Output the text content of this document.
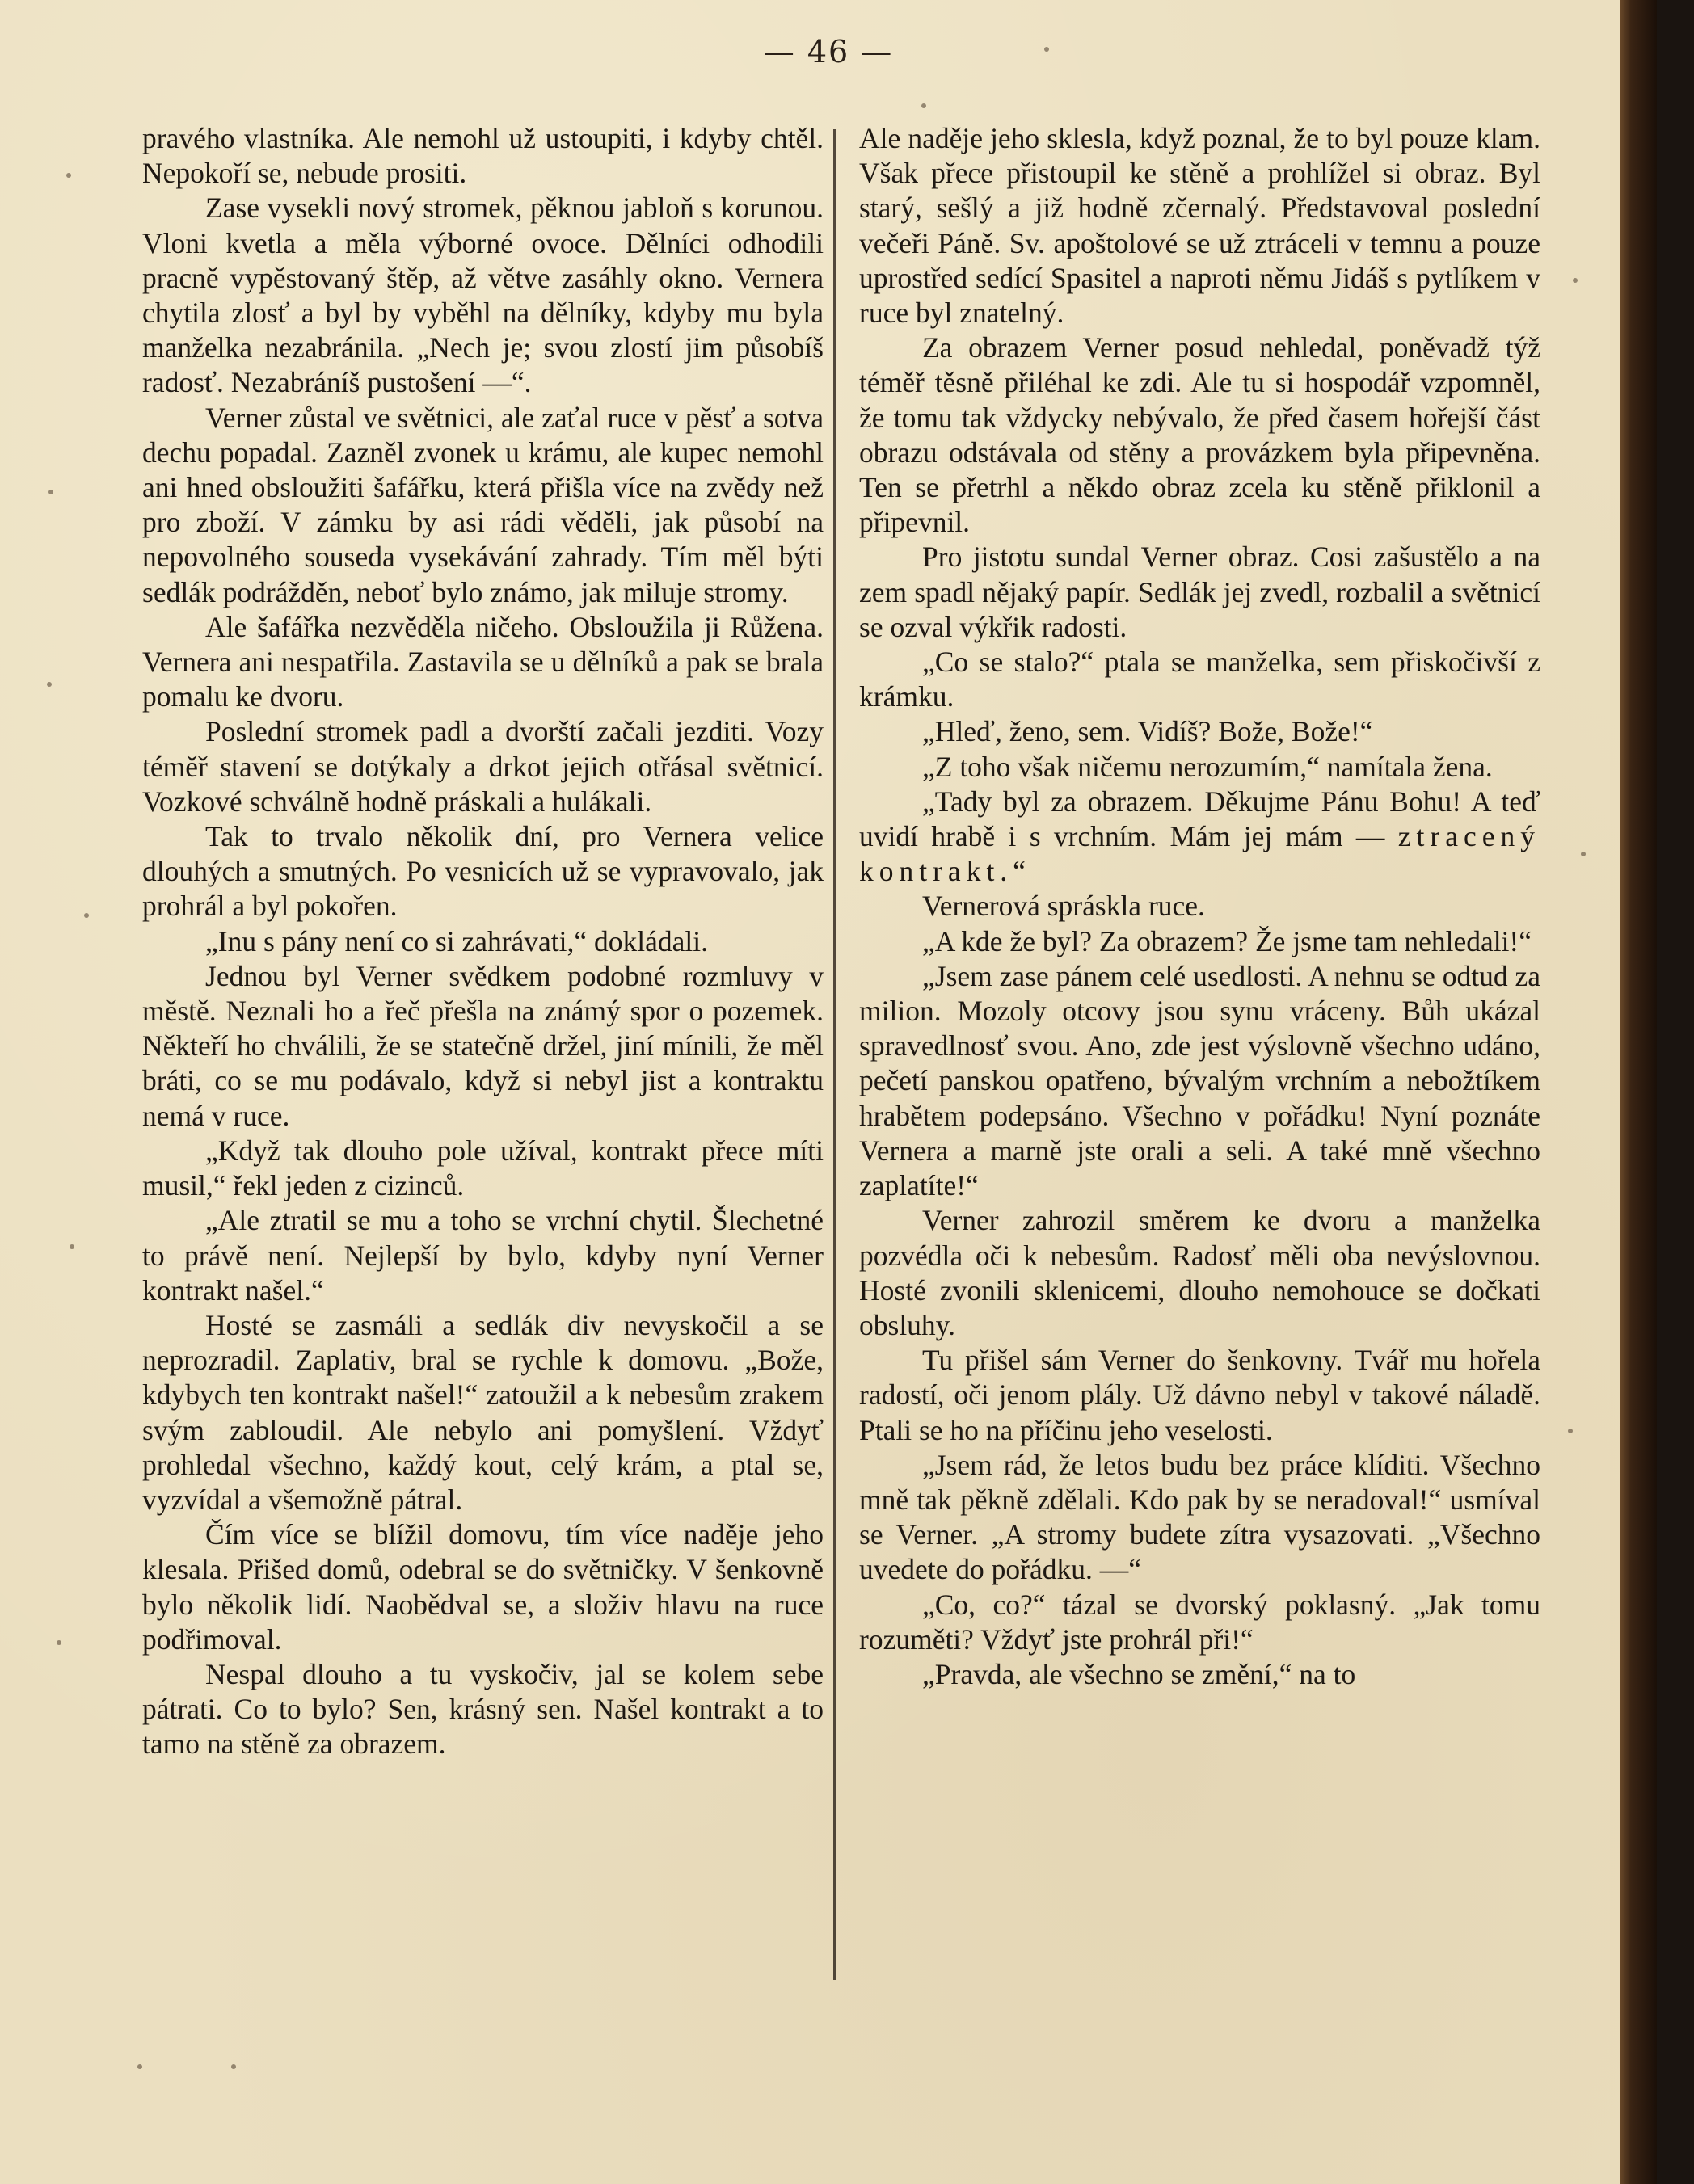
— 46 —

pravého vlastníka. Ale nemohl už ustoupiti, i kdyby chtěl. Nepokoří se, nebude prositi.

Zase vysekli nový stromek, pěknou jabloň s korunou. Vloni kvetla a měla výborné ovoce. Dělníci odhodili pracně vypěstovaný štěp, až větve zasáhly okno. Vernera chytila zlosť a byl by vyběhl na dělníky, kdyby mu byla manželka nezabránila. „Nech je; svou zlostí jim působíš radosť. Nezabráníš pustošení —“.

Verner zůstal ve světnici, ale zaťal ruce v pěsť a sotva dechu popadal. Zazněl zvonek u krámu, ale kupec nemohl ani hned obsloužiti šafářku, která přišla více na zvědy než pro zboží. V zámku by asi rádi věděli, jak působí na nepovolného souseda vysekávání zahrady. Tím měl býti sedlák podrážděn, neboť bylo známo, jak miluje stromy.

Ale šafářka nezvěděla ničeho. Obsloužila ji Růžena. Vernera ani nespatřila. Zastavila se u dělníků a pak se brala pomalu ke dvoru.

Poslední stromek padl a dvorští začali jezditi. Vozy téměř stavení se dotýkaly a drkot jejich otřásal světnicí. Vozkové schválně hodně práskali a hulákali.

Tak to trvalo několik dní, pro Vernera velice dlouhých a smutných. Po vesnicích už se vypravovalo, jak prohrál a byl pokořen.

„Inu s pány není co si zahrávati,“ dokládali.

Jednou byl Verner svědkem podobné rozmluvy v městě. Neznali ho a řeč přešla na známý spor o pozemek. Někteří ho chválili, že se statečně držel, jiní mínili, že měl bráti, co se mu podávalo, když si nebyl jist a kontraktu nemá v ruce.

„Když tak dlouho pole užíval, kontrakt přece míti musil,“ řekl jeden z cizinců.

„Ale ztratil se mu a toho se vrchní chytil. Šlechetné to právě není. Nejlepší by bylo, kdyby nyní Verner kontrakt našel.“

Hosté se zasmáli a sedlák div nevyskočil a se neprozradil. Zaplativ, bral se rychle k domovu. „Bože, kdybych ten kontrakt našel!“ zatoužil a k nebesům zrakem svým zabloudil. Ale nebylo ani pomyšlení. Vždyť prohledal všechno, každý kout, celý krám, a ptal se, vyzvídal a všemožně pátral.

Čím více se blížil domovu, tím více naděje jeho klesala. Přišed domů, odebral se do světničky. V šenkovně bylo několik lidí. Naobědval se, a složiv hlavu na ruce podřimoval.

Nespal dlouho a tu vyskočiv, jal se kolem sebe pátrati. Co to bylo? Sen, krásný sen. Našel kontrakt a to tamo na stěně za obrazem.

Ale naděje jeho sklesla, když poznal, že to byl pouze klam. Však přece přistoupil ke stěně a prohlížel si obraz. Byl starý, sešlý a již hodně zčernalý. Představoval poslední večeři Páně. Sv. apoštolové se už ztráceli v temnu a pouze uprostřed sedící Spasitel a naproti němu Jidáš s pytlíkem v ruce byl znatelný.

Za obrazem Verner posud nehledal, poněvadž týž téměř těsně přiléhal ke zdi. Ale tu si hospodář vzpomněl, že tomu tak vždycky nebývalo, že před časem hořejší část obrazu odstávala od stěny a provázkem byla připevněna. Ten se přetrhl a někdo obraz zcela ku stěně přiklonil a připevnil.

Pro jistotu sundal Verner obraz. Cosi zašustělo a na zem spadl nějaký papír. Sedlák jej zvedl, rozbalil a světnicí se ozval výkřik radosti.

„Co se stalo?“ ptala se manželka, sem přiskočivší z krámku.

„Hleď, ženo, sem. Vidíš? Bože, Bože!“

„Z toho však ničemu nerozumím,“ namítala žena.

„Tady byl za obrazem. Děkujme Pánu Bohu! A teď uvidí hrabě i s vrchním. Mám jej mám — ztracený kontrakt.“

Vernerová spráskla ruce.

„A kde že byl? Za obrazem? Že jsme tam nehledali!“

„Jsem zase pánem celé usedlosti. A nehnu se odtud za milion. Mozoly otcovy jsou synu vráceny. Bůh ukázal spravedlnosť svou. Ano, zde jest výslovně všechno udáno, pečetí panskou opatřeno, bývalým vrchním a nebožtíkem hrabětem podepsáno. Všechno v pořádku! Nyní poznáte Vernera a marně jste orali a seli. A také mně všechno zaplatíte!“

Verner zahrozil směrem ke dvoru a manželka pozvédla oči k nebesům. Radosť měli oba nevýslovnou. Hosté zvonili sklenicemi, dlouho nemohouce se dočkati obsluhy.

Tu přišel sám Verner do šenkovny. Tvář mu hořela radostí, oči jenom plály. Už dávno nebyl v takové náladě. Ptali se ho na příčinu jeho veselosti.

„Jsem rád, že letos budu bez práce klíditi. Všechno mně tak pěkně zdělali. Kdo pak by se neradoval!“ usmíval se Verner. „A stromy budete zítra vysazovati. „Všechno uvedete do pořádku. —“

„Co, co?“ tázal se dvorský poklasný. „Jak tomu rozuměti? Vždyť jste prohrál při!“

„Pravda, ale všechno se změní,“ na to
